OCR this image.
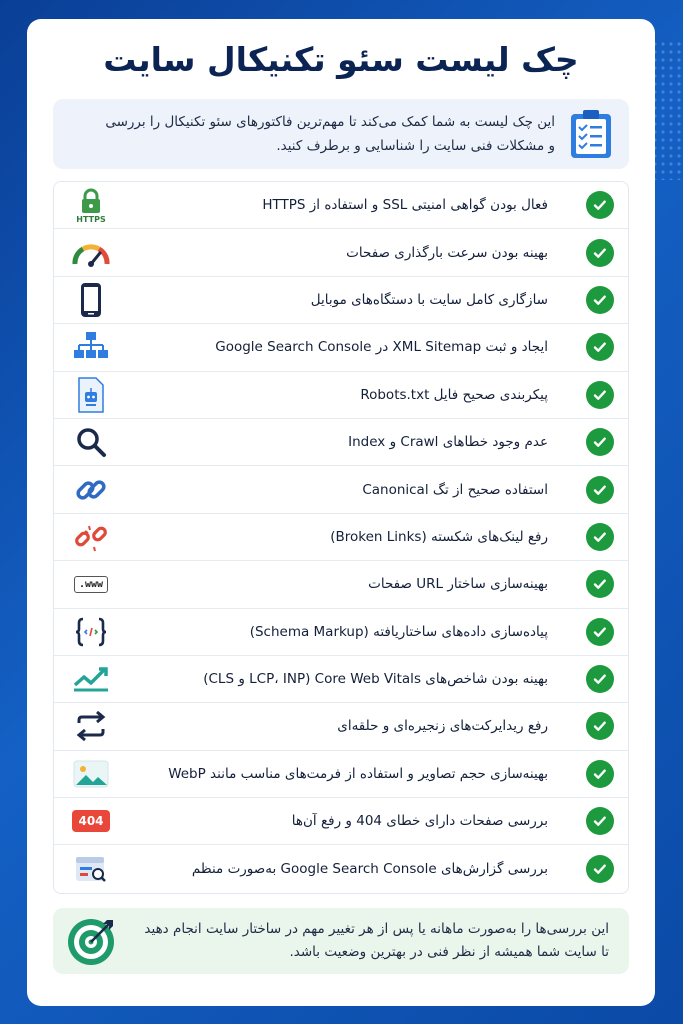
چک لیست سئو تکنیکال سایت
این چک لیست به شما کمک می‌کند تا مهم‌ترین فاکتورهای سئو تکنیکال را بررسی
و مشکلات فنی سایت را شناسایی و برطرف کنید.
فعال بودن گواهی امنیتی SSL و استفاده از HTTPS
HTTPS
بهینه بودن سرعت بارگذاری صفحات
سازگاری کامل سایت با دستگاه‌های موبایل
ایجاد و ثبت XML Sitemap در Google Search Console
پیکربندی صحیح فایل Robots.txt
عدم وجود خطاهای Crawl و Index
استفاده صحیح از تگ Canonical
رفع لینک‌های شکسته (Broken Links)
بهینه‌سازی ساختار URL صفحات
www.
پیاده‌سازی داده‌های ساختاریافته (Schema Markup)
بهینه بودن شاخص‌های Core Web Vitals (LCP، INP و CLS)
رفع ریدایرکت‌های زنجیره‌ای و حلقه‌ای
بهینه‌سازی حجم تصاویر و استفاده از فرمت‌های مناسب مانند WebP
بررسی صفحات دارای خطای 404 و رفع آن‌ها
404
بررسی گزارش‌های Google Search Console به‌صورت منظم
این بررسی‌ها را به‌صورت ماهانه یا پس از هر تغییر مهم در ساختار سایت انجام دهید
تا سایت شما همیشه از نظر فنی در بهترین وضعیت باشد.
